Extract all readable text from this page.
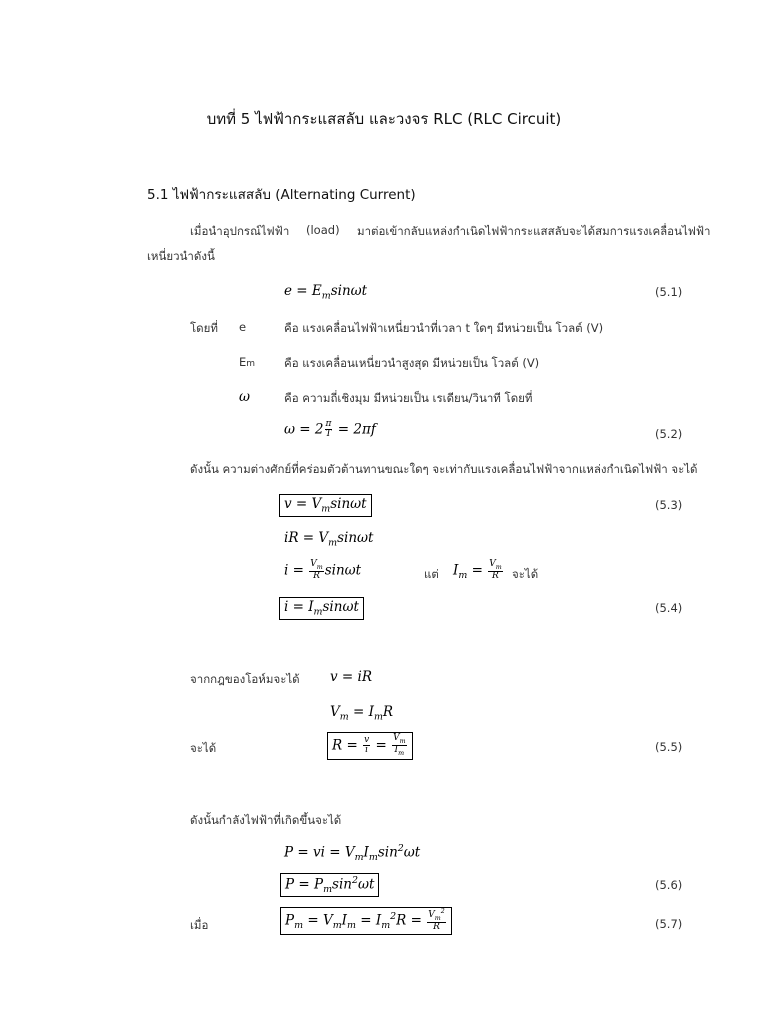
บทที่ 5 ไฟฟ้ากระแสสลับ และวงจร RLC (RLC Circuit)
5.1 ไฟฟ้ากระแสสลับ (Alternating Current)
เมื่อนำอุปกรณ์ไฟฟ้า (load) มาต่อเข้ากลับแหล่งกำเนิดไฟฟ้ากระแสสลับจะได้สมการแรงเคลื่อนไฟฟ้า
เหนี่ยวนำดังนี้
$e = E_m\sin\omega t$	(5.1)
โดยที่ e	คือ แรงเคลื่อนไฟฟ้าเหนี่ยวนำที่เวลา t ใดๆ มีหน่วยเป็น โวลต์ (V)
Em	คือ แรงเคลื่อนเหนี่ยวนำสูงสุด มีหน่วยเป็น โวลต์ (V)
ω	คือ ความถี่เชิงมุม มีหน่วยเป็น เรเดียน/วินาที โดยที่
$\omega = 2 \frac{\pi}{T} = 2\pi f$	(5.2)
ดังนั้น ความต่างศักย์ที่คร่อมตัวต้านทานขณะใดๆ จะเท่ากับแรงเคลื่อนไฟฟ้าจากแหล่งกำเนิดไฟฟ้า จะได้
$v = V_m\sin\omega t$	(5.3)
iR = $V_m\sin\omega t$
$i = \frac{V_m}{R}$ sinωt	แต่ $I_m = \frac{V_m}{R}$ จะได้
$i = I_m\sin\omega t$	(5.4)
จากกฎของโอห์มจะได้ v = iR
$V_m = I_mR$
จะได้	$R = \frac{v}{i} = \frac{V_m}{I_m}$	(5.5)
ดังนั้นกำลังไฟฟ้าที่เกิดขึ้นจะได้
P = vi = $V_mI_m\sin^2\omega t$
$P = P_m\sin^2\omega t$	(5.6)
เมื่อ	$P_m = V_mI_m = I_m^2R = \frac{V_m^2}{R}$	(5.7)
